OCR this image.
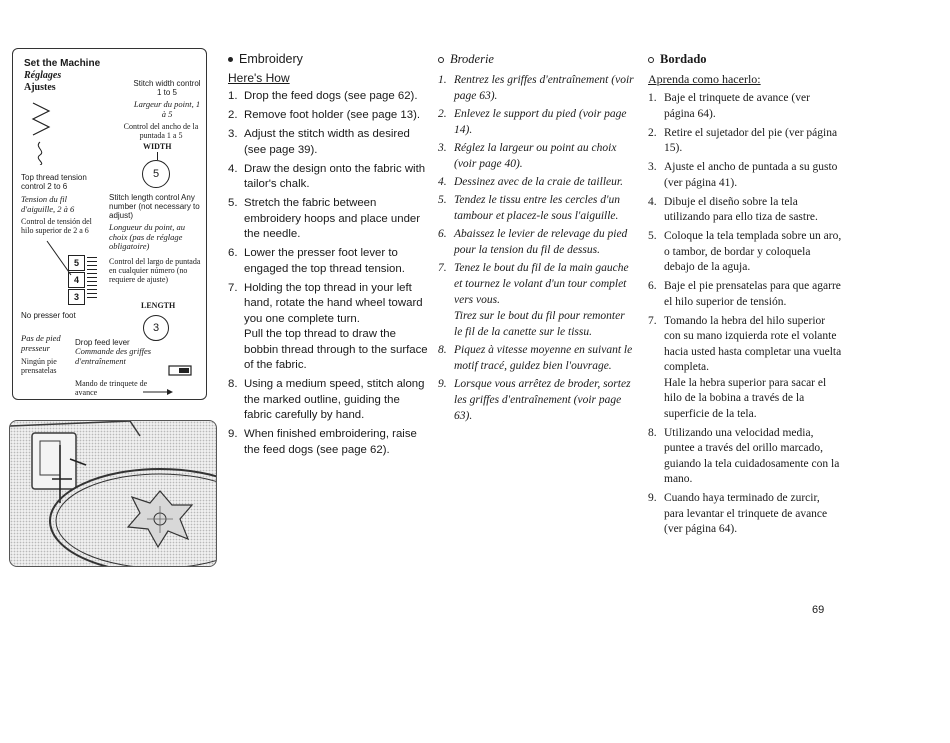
Set the Machine
Réglages
Ajustes	Stitch width control 1 to 5
Largeur du point, 1 à 5
Control del ancho de la puntada 1 a 5
WIDTH
5
Top thread tension control 2 to 6
Tension du fil d'aiguille, 2 à 6
Control de tensión del hilo superior de 2 a 6
Stitch length control Any number (not necessary to adjust)
Longueur du point, au choix (pas de réglage obligatoire)
Control del largo de puntada en cualquier número (no requiere de ajuste)
LENGTH
3
5
4
3
No presser foot
Pas de pied presseur
Ningún pie prensatelas
Drop feed lever
Commande des griffes d'entraînement
Mando de trinquete de avance
Embroidery
Here's How
1. Drop the feed dogs (see page 62).
2. Remove foot holder (see page 13).
3. Adjust the stitch width as desired (see page 39).
4. Draw the design onto the fabric with tailor's chalk.
5. Stretch the fabric between embroidery hoops and place under the needle.
6. Lower the presser foot lever to engaged the top thread tension.
7. Holding the top thread in your left hand, rotate the hand wheel toward you one complete turn.
Pull the top thread to draw the bobbin thread through to the surface of the fabric.
8. Using a medium speed, stitch along the marked outline, guiding the fabric carefully by hand.
9. When finished embroidering, raise the feed dogs (see page 62).
Broderie
1. Rentrez les griffes d'entraînement (voir page 63).
2. Enlevez le support du pied (voir page 14).
3. Réglez la largeur ou point au choix (voir page 40).
4. Dessinez avec de la craie de tailleur.
5. Tendez le tissu entre les cercles d'un tambour et placez-le sous l'aiguille.
6. Abaissez le levier de relevage du pied pour la tension du fil de dessus.
7. Tenez le bout du fil de la main gauche et tournez le volant d'un tour complet vers vous.
Tirez sur le bout du fil pour remonter le fil de la canette sur le tissu.
8. Piquez à vitesse moyenne en suivant le motif tracé, guidez bien l'ouvrage.
9. Lorsque vous arrêtez de broder, sortez les griffes d'entraînement (voir page 63).
Bordado
Aprenda como hacerlo:
1. Baje el trinquete de avance (ver página 64).
2. Retire el sujetador del pie (ver página 15).
3. Ajuste el ancho de puntada a su gusto (ver página 41).
4. Dibuje el diseño sobre la tela utilizando para ello tiza de sastre.
5. Coloque la tela templada sobre un aro, o tambor, de bordar y coloquela debajo de la aguja.
6. Baje el pie prensatelas para que agarre el hilo superior de tensión.
7. Tomando la hebra del hilo superior con su mano izquierda rote el volante hacia usted hasta completar una vuelta completa.
Hale la hebra superior para sacar el hilo de la bobina a través de la superficie de la tela.
8. Utilizando una velocidad media, puntee a través del orillo marcado, guiando la tela cuidadosamente con la mano.
9. Cuando haya terminado de zurcir, para levantar el trinquete de avance (ver página 64).
69
